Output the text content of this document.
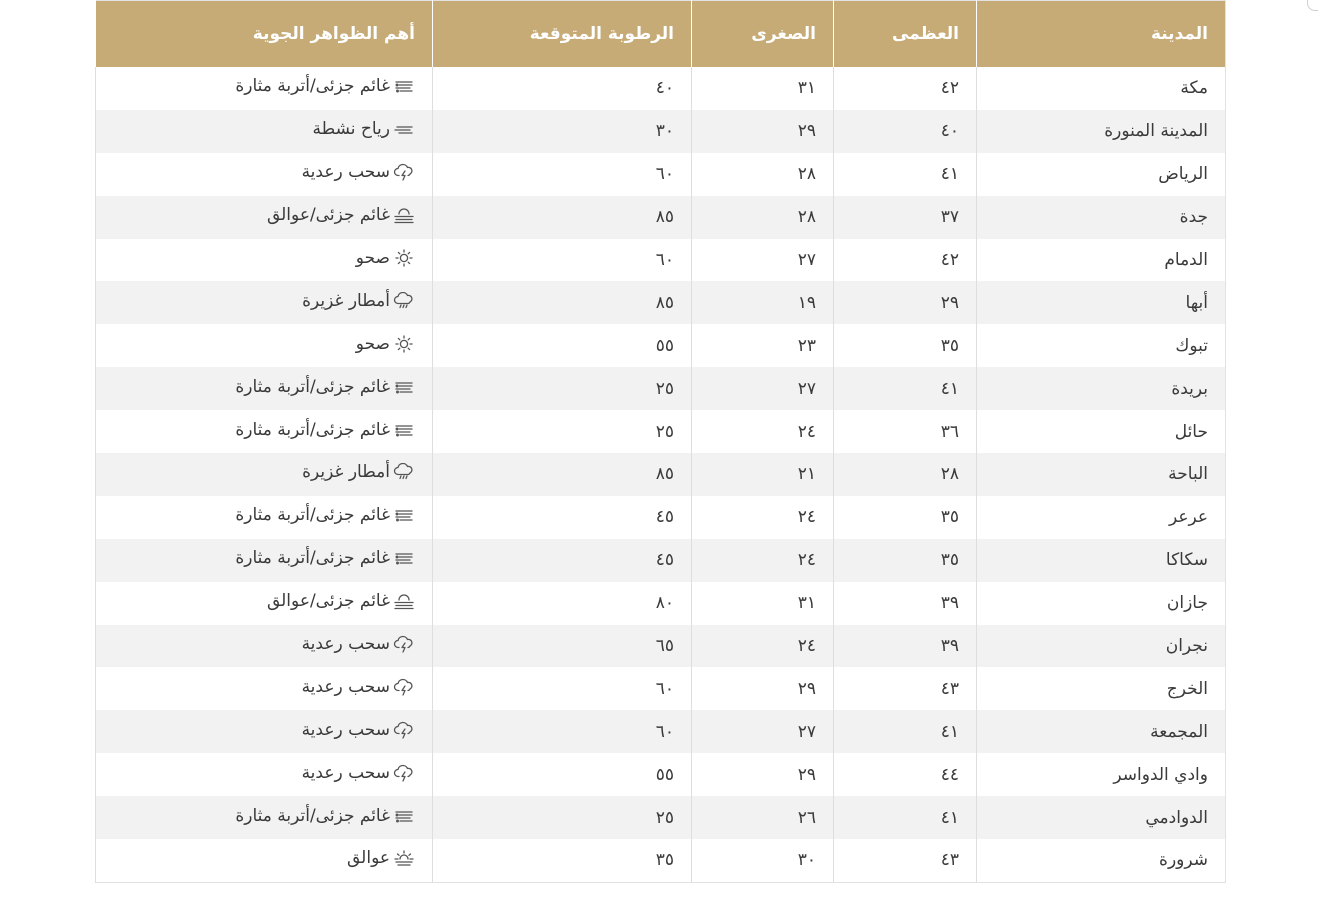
المدينة	العظمى	الصغرى	الرطوبة المتوقعة	أهم الظواهر الجوية
مكة	٤٢	٣١	٤٠	غائم جزئى/أتربة مثارة

المدينة المنورة	٤٠	٢٩	٣٠	رياح نشطة

الرياض	٤١	٢٨	٦٠	سحب رعدية

جدة	٣٧	٢٨	٨٥	غائم جزئى/عوالق

الدمام	٤٢	٢٧	٦٠	صحو

أبها	٢٩	١٩	٨٥	أمطار غزيرة

تبوك	٣٥	٢٣	٥٥	صحو

بريدة	٤١	٢٧	٢٥	غائم جزئى/أتربة مثارة

حائل	٣٦	٢٤	٢٥	غائم جزئى/أتربة مثارة

الباحة	٢٨	٢١	٨٥	أمطار غزيرة

عرعر	٣٥	٢٤	٤٥	غائم جزئى/أتربة مثارة

سكاكا	٣٥	٢٤	٤٥	غائم جزئى/أتربة مثارة

جازان	٣٩	٣١	٨٠	غائم جزئى/عوالق

نجران	٣٩	٢٤	٦٥	سحب رعدية

الخرج	٤٣	٢٩	٦٠	سحب رعدية

المجمعة	٤١	٢٧	٦٠	سحب رعدية

وادي الدواسر	٤٤	٢٩	٥٥	سحب رعدية

الدوادمي	٤١	٢٦	٢٥	غائم جزئى/أتربة مثارة

شرورة	٤٣	٣٠	٣٥	عوالق
